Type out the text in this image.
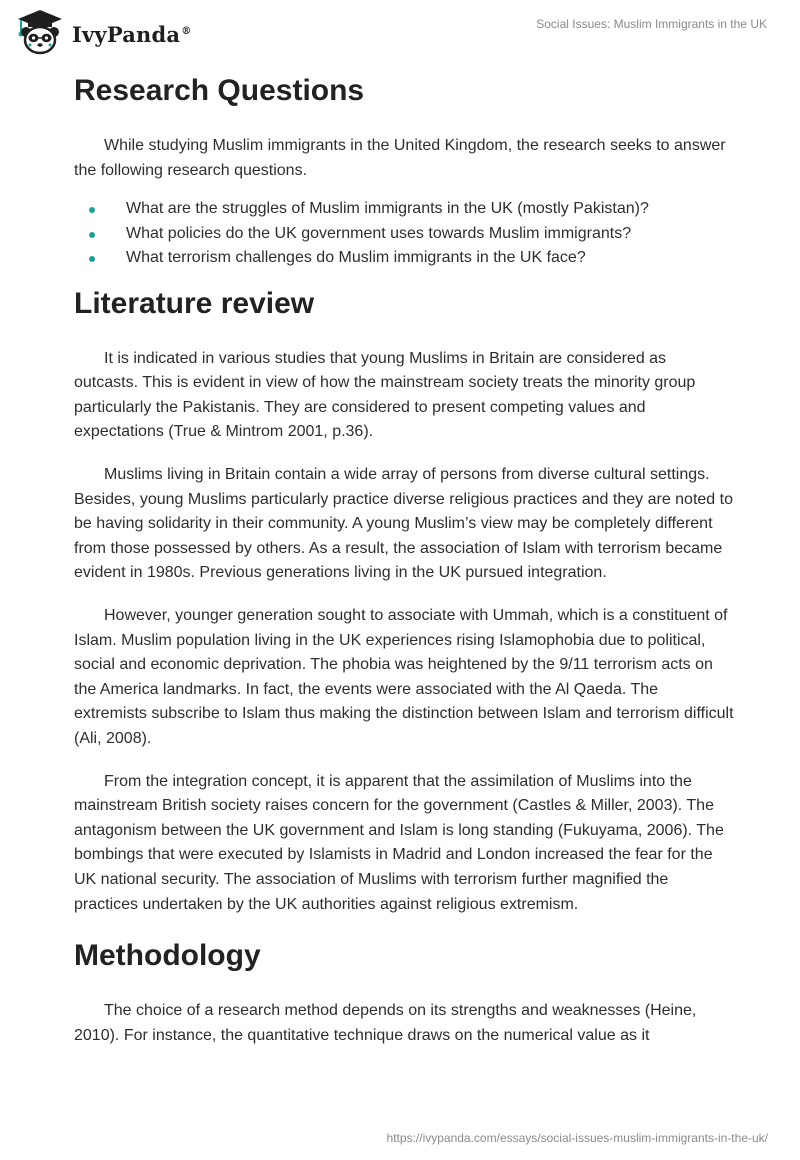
IvyPanda®	Social Issues: Muslim Immigrants in the UK
Research Questions

While studying Muslim immigrants in the United Kingdom, the research seeks to answer the following research questions.

What are the struggles of Muslim immigrants in the UK (mostly Pakistan)?
What policies do the UK government uses towards Muslim immigrants?
What terrorism challenges do Muslim immigrants in the UK face?
Literature review

It is indicated in various studies that young Muslims in Britain are considered as outcasts. This is evident in view of how the mainstream society treats the minority group particularly the Pakistanis. They are considered to present competing values and expectations (True & Mintrom 2001, p.36).

Muslims living in Britain contain a wide array of persons from diverse cultural settings. Besides, young Muslims particularly practice diverse religious practices and they are noted to be having solidarity in their community. A young Muslim’s view may be completely different from those possessed by others. As a result, the association of Islam with terrorism became evident in 1980s. Previous generations living in the UK pursued integration.

However, younger generation sought to associate with Ummah, which is a constituent of Islam. Muslim population living in the UK experiences rising Islamophobia due to political, social and economic deprivation. The phobia was heightened by the 9/11 terrorism acts on the America landmarks. In fact, the events were associated with the Al Qaeda. The extremists subscribe to Islam thus making the distinction between Islam and terrorism difficult (Ali, 2008).

From the integration concept, it is apparent that the assimilation of Muslims into the mainstream British society raises concern for the government (Castles & Miller, 2003). The antagonism between the UK government and Islam is long standing (Fukuyama, 2006). The bombings that were executed by Islamists in Madrid and London increased the fear for the UK national security. The association of Muslims with terrorism further magnified the practices undertaken by the UK authorities against religious extremism.

Methodology

The choice of a research method depends on its strengths and weaknesses (Heine, 2010). For instance, the quantitative technique draws on the numerical value as it

https://ivypanda.com/essays/social-issues-muslim-immigrants-in-the-uk/
